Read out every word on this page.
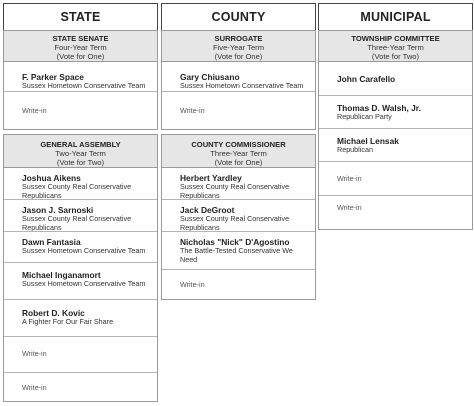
STATE
STATE SENATE
Four-Year Term
(Vote for One)
F. Parker Space
Sussex Hometown Conservative Team
Write-in
GENERAL ASSEMBLY
Two-Year Term
(Vote for Two)
Joshua Aikens
Sussex County Real Conservative Republicans
Jason J. Sarnoski
Sussex County Real Conservative Republicans
Dawn Fantasia
Sussex Hometown Conservative Team
Michael Inganamort
Sussex Hometown Conservative Team
Robert D. Kovic
A Fighter For Our Fair Share
Write-in
Write-in
COUNTY
SURROGATE
Five-Year Term
(Vote for One)
Gary Chiusano
Sussex Hometown Conservative Team
Write-in
COUNTY COMMISSIONER
Three-Year Term
(Vote for One)
Herbert Yardley
Sussex County Real Conservative Republicans
Jack DeGroot
Sussex County Real Conservative Republicans
Nicholas "Nick" D'Agostino
The Battle-Tested Conservative We Need
Write-in
MUNICIPAL
TOWNSHIP COMMITTEE
Three-Year Term
(Vote for Two)
John Carafello
Thomas D. Walsh, Jr.
Republican Party
Michael Lensak
Republican
Write-in
Write-in
